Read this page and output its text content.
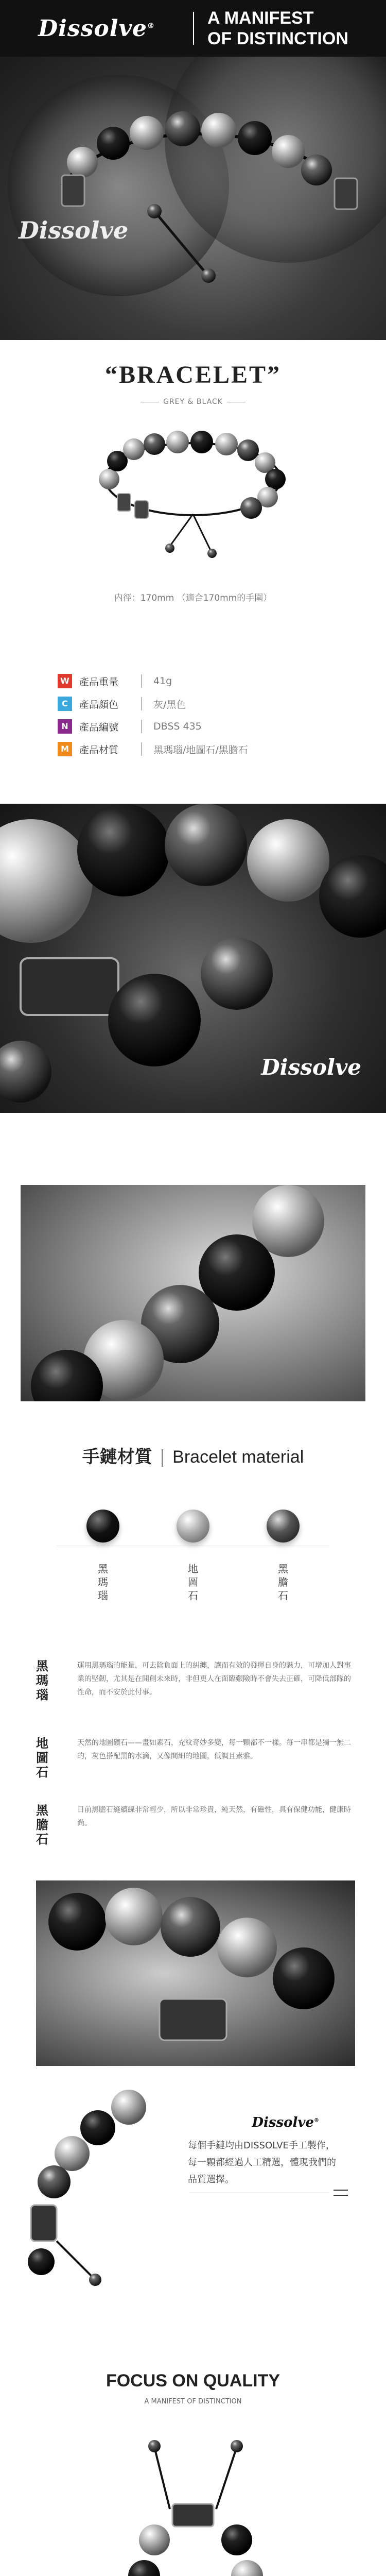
Dissolve®	A MANIFEST
OF DISTINCTION
Dissolve
“BRACELET”
GREY & BLACK
内徑：170mm （適合170mm的手圍）
W 產品重量	41g
C	產品顏色	灰/黑色
N	產品編號	DBSS 435
M	產品材質	黑瑪瑙/地圖石/黑膽石
Dissolve
手鏈材質 | Bracelet material
黑瑪瑙
地圖石
黑膽石
黑瑪瑙
運用黑瑪瑙的能量，可去除負面上的糾纏，讓而有效的發揮自身的魅力，可增加人對事業的堅韌，尤其是在開創未來時，非但更人在面臨艱險時不會失去正確，可降低部隊的性命，而不安於此付事。
地圖石
天然的地圖礦石——畫如素石，充紋奇妙多變，每一顆都不一樣。每一串都是獨一無二的，灰色搭配黑的水滴，又像間細的地圖，低調且素雅。
黑膽石
日前黑膽石縫續線非常輕少，所以非常珍貴，純天然，有磁性，具有保健功能，健康時尚。
Dissolve®
每個手鏈均由DISSOLVE手工製作，每一顆都經過人工精選，體現我們的品質選擇。
FOCUS ON QUALITY
A MANIFEST OF DISTINCTION
